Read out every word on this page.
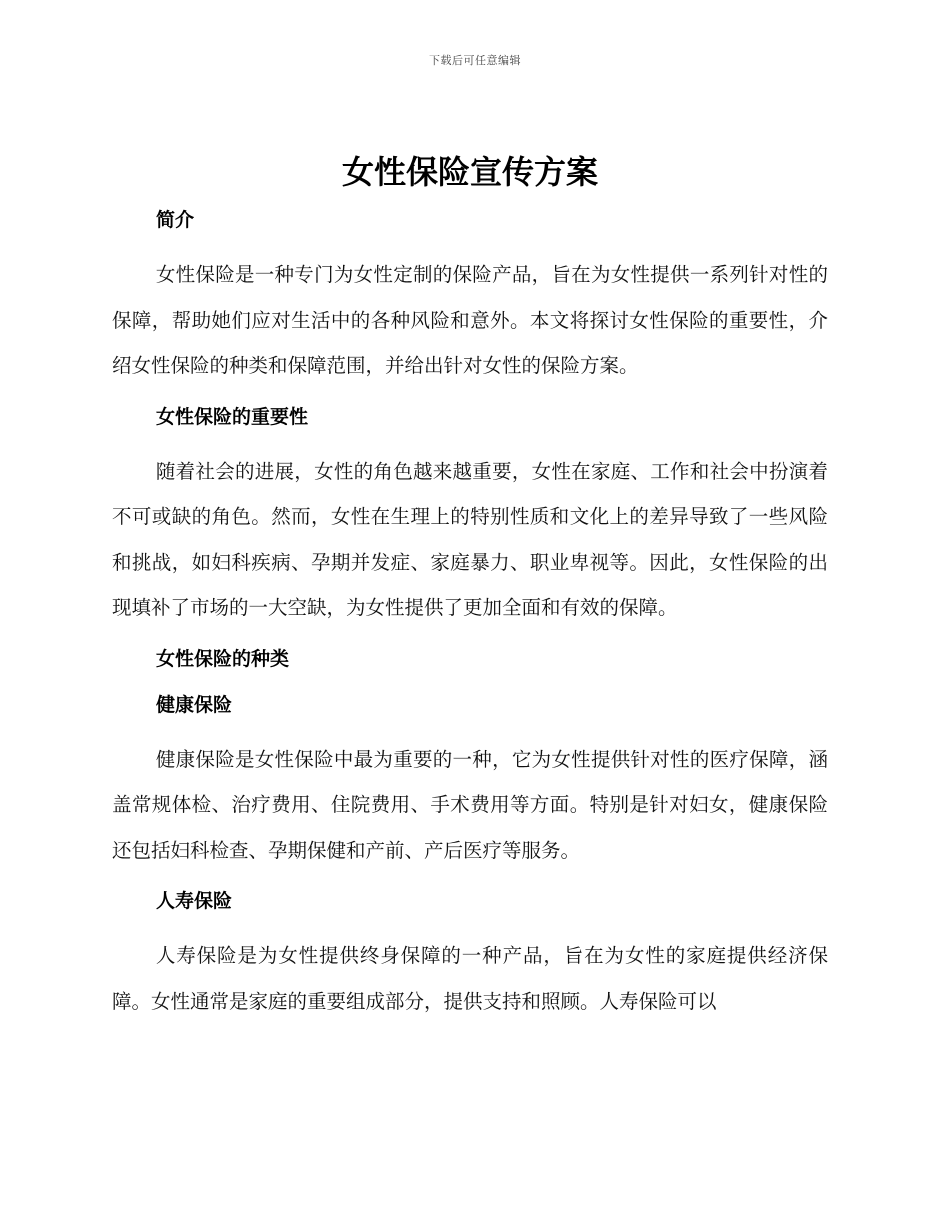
下载后可任意编辑
女性保险宣传方案
简介

女性保险是一种专门为女性定制的保险产品，旨在为女性提供一系列针对性的保障，帮助她们应对生活中的各种风险和意外。本文将探讨女性保险的重要性，介绍女性保险的种类和保障范围，并给出针对女性的保险方案。

女性保险的重要性

随着社会的进展，女性的角色越来越重要，女性在家庭、工作和社会中扮演着不可或缺的角色。然而，女性在生理上的特别性质和文化上的差异导致了一些风险和挑战，如妇科疾病、孕期并发症、家庭暴力、职业卑视等。因此，女性保险的出现填补了市场的一大空缺，为女性提供了更加全面和有效的保障。

女性保险的种类
健康保险

健康保险是女性保险中最为重要的一种，它为女性提供针对性的医疗保障，涵盖常规体检、治疗费用、住院费用、手术费用等方面。特别是针对妇女，健康保险还包括妇科检查、孕期保健和产前、产后医疗等服务。

人寿保险

人寿保险是为女性提供终身保障的一种产品，旨在为女性的家庭提供经济保障。女性通常是家庭的重要组成部分，提供支持和照顾。人寿保险可以
